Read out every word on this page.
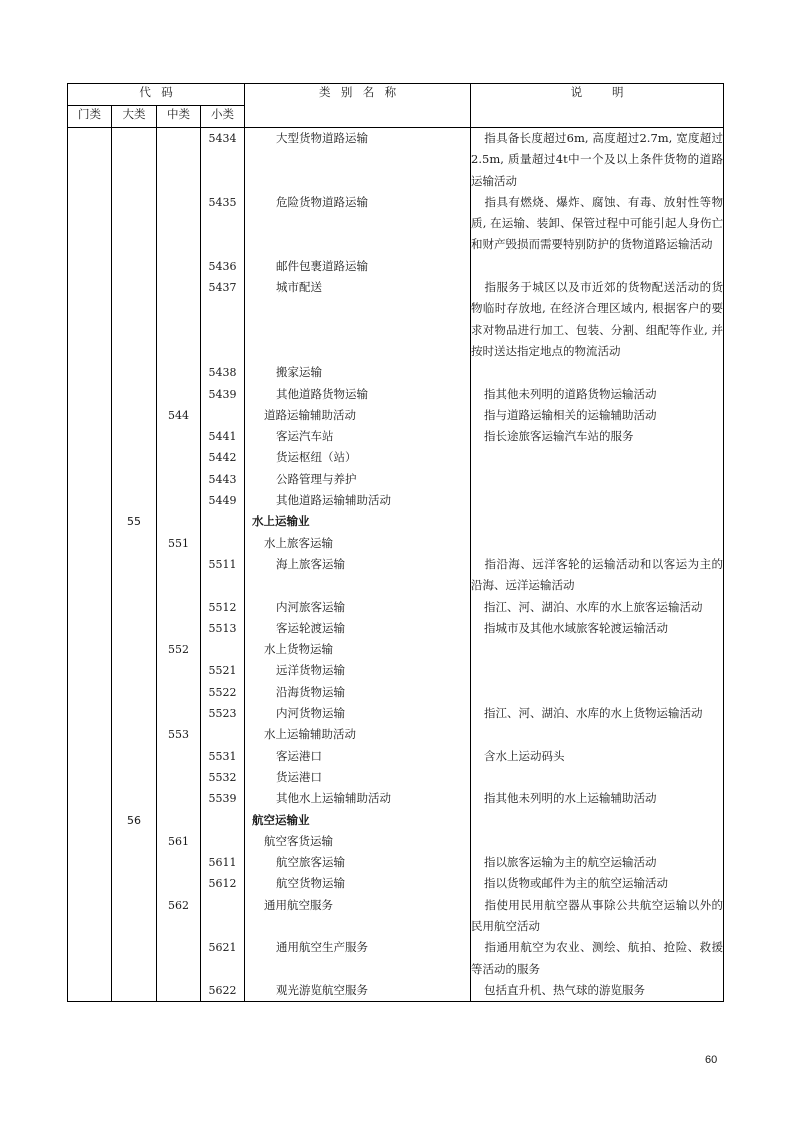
代码				类别名称	说明
门类	大类	中类	小类		
			5434	大型货物道路运输	指具备长度超过6m, 高度超过2.7m, 宽度超过2.5m, 质量超过4t中一个及以上条件货物的道路运输活动
			5435	危险货物道路运输	指具有燃烧、爆炸、腐蚀、有毒、放射性等物质, 在运输、装卸、保管过程中可能引起人身伤亡和财产毁损而需要特别防护的货物道路运输活动
			5436	邮件包裹道路运输	
			5437	城市配送	指服务于城区以及市近郊的货物配送活动的货物临时存放地, 在经济合理区域内, 根据客户的要求对物品进行加工、包装、分割、组配等作业, 并按时送达指定地点的物流活动
			5438	搬家运输	
			5439	其他道路货物运输	指其他未列明的道路货物运输活动
		544		道路运输辅助活动	指与道路运输相关的运输辅助活动
			5441	客运汽车站	指长途旅客运输汽车站的服务
			5442	货运枢纽（站）	
			5443	公路管理与养护	
			5449	其他道路运输辅助活动	
	55			水上运输业	
		551		水上旅客运输	
			5511	海上旅客运输	指沿海、远洋客轮的运输活动和以客运为主的沿海、远洋运输活动
			5512	内河旅客运输	指江、河、湖泊、水库的水上旅客运输活动
			5513	客运轮渡运输	指城市及其他水域旅客轮渡运输活动
		552		水上货物运输	
			5521	远洋货物运输	
			5522	沿海货物运输	
			5523	内河货物运输	指江、河、湖泊、水库的水上货物运输活动
		553		水上运输辅助活动	
			5531	客运港口	含水上运动码头
			5532	货运港口	
			5539	其他水上运输辅助活动	指其他未列明的水上运输辅助活动
	56			航空运输业	
		561		航空客货运输	
			5611	航空旅客运输	指以旅客运输为主的航空运输活动
			5612	航空货物运输	指以货物或邮件为主的航空运输活动
		562		通用航空服务	指使用民用航空器从事除公共航空运输以外的民用航空活动
			5621	通用航空生产服务	指通用航空为农业、测绘、航拍、抢险、救援等活动的服务
			5622	观光游览航空服务	包括直升机、热气球的游览服务
60
